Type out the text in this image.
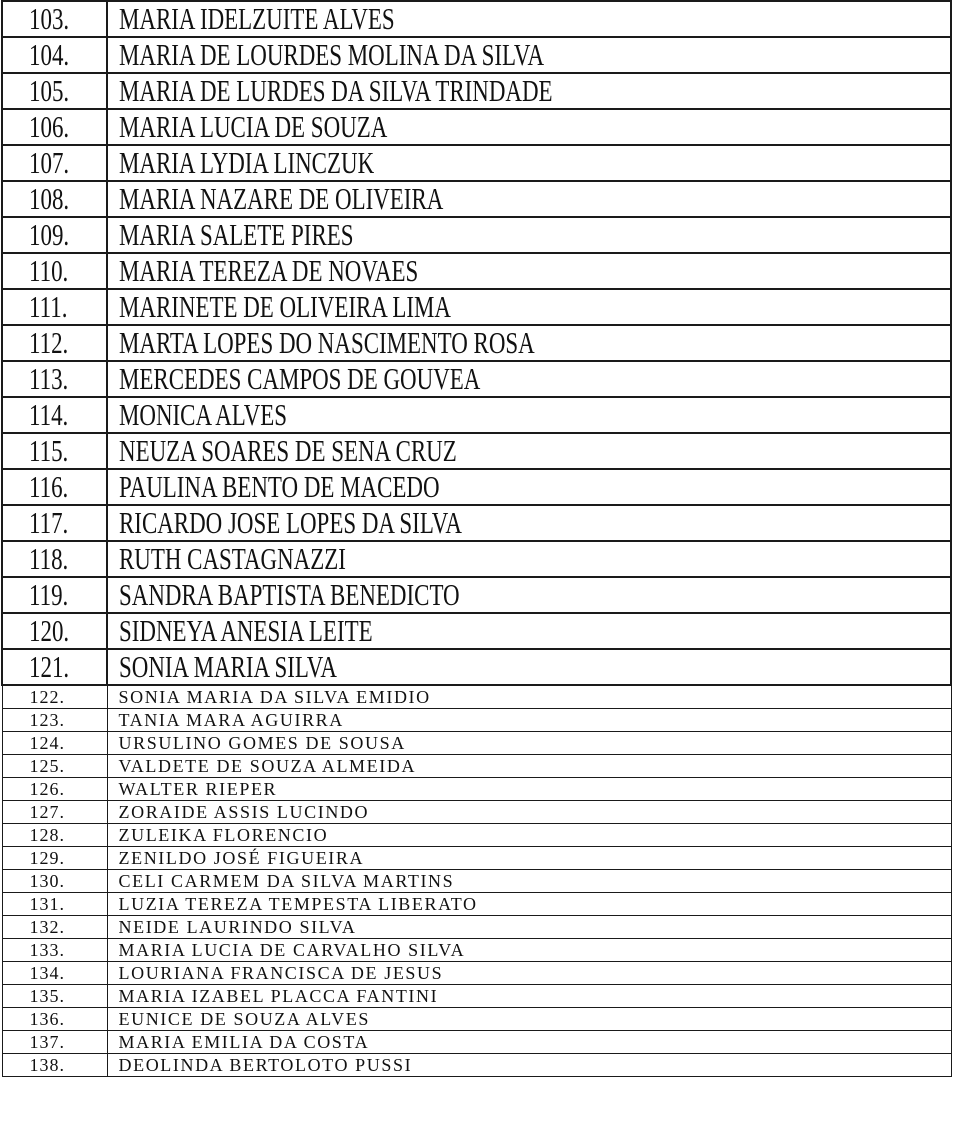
103.	MARIA IDELZUITE ALVES
104.	MARIA DE LOURDES MOLINA DA SILVA
105.	MARIA DE LURDES DA SILVA TRINDADE
106.	MARIA LUCIA DE SOUZA
107.	MARIA LYDIA LINCZUK
108.	MARIA NAZARE DE OLIVEIRA
109.	MARIA SALETE PIRES
110.	MARIA TEREZA DE NOVAES
111.	MARINETE DE OLIVEIRA LIMA
112.	MARTA LOPES DO NASCIMENTO ROSA
113.	MERCEDES CAMPOS DE GOUVEA
114.	MONICA ALVES
115.	NEUZA SOARES DE SENA CRUZ
116.	PAULINA BENTO DE MACEDO
117.	RICARDO JOSE LOPES DA SILVA
118.	RUTH CASTAGNAZZI
119.	SANDRA BAPTISTA BENEDICTO
120.	SIDNEYA ANESIA LEITE
121.	SONIA MARIA SILVA
122.	SONIA MARIA DA SILVA EMIDIO
123.	TANIA MARA AGUIRRA
124.	URSULINO GOMES DE SOUSA
125.	VALDETE DE SOUZA ALMEIDA
126.	WALTER RIEPER
127.	ZORAIDE ASSIS LUCINDO
128.	ZULEIKA FLORENCIO
129.	ZENILDO JOSÉ FIGUEIRA
130.	CELI CARMEM DA SILVA MARTINS
131.	LUZIA TEREZA TEMPESTA LIBERATO
132.	NEIDE LAURINDO SILVA
133.	MARIA LUCIA DE CARVALHO SILVA
134.	LOURIANA FRANCISCA DE JESUS
135.	MARIA IZABEL PLACCA FANTINI
136.	EUNICE DE SOUZA ALVES
137.	MARIA EMILIA DA COSTA
138.	DEOLINDA BERTOLOTO PUSSI
